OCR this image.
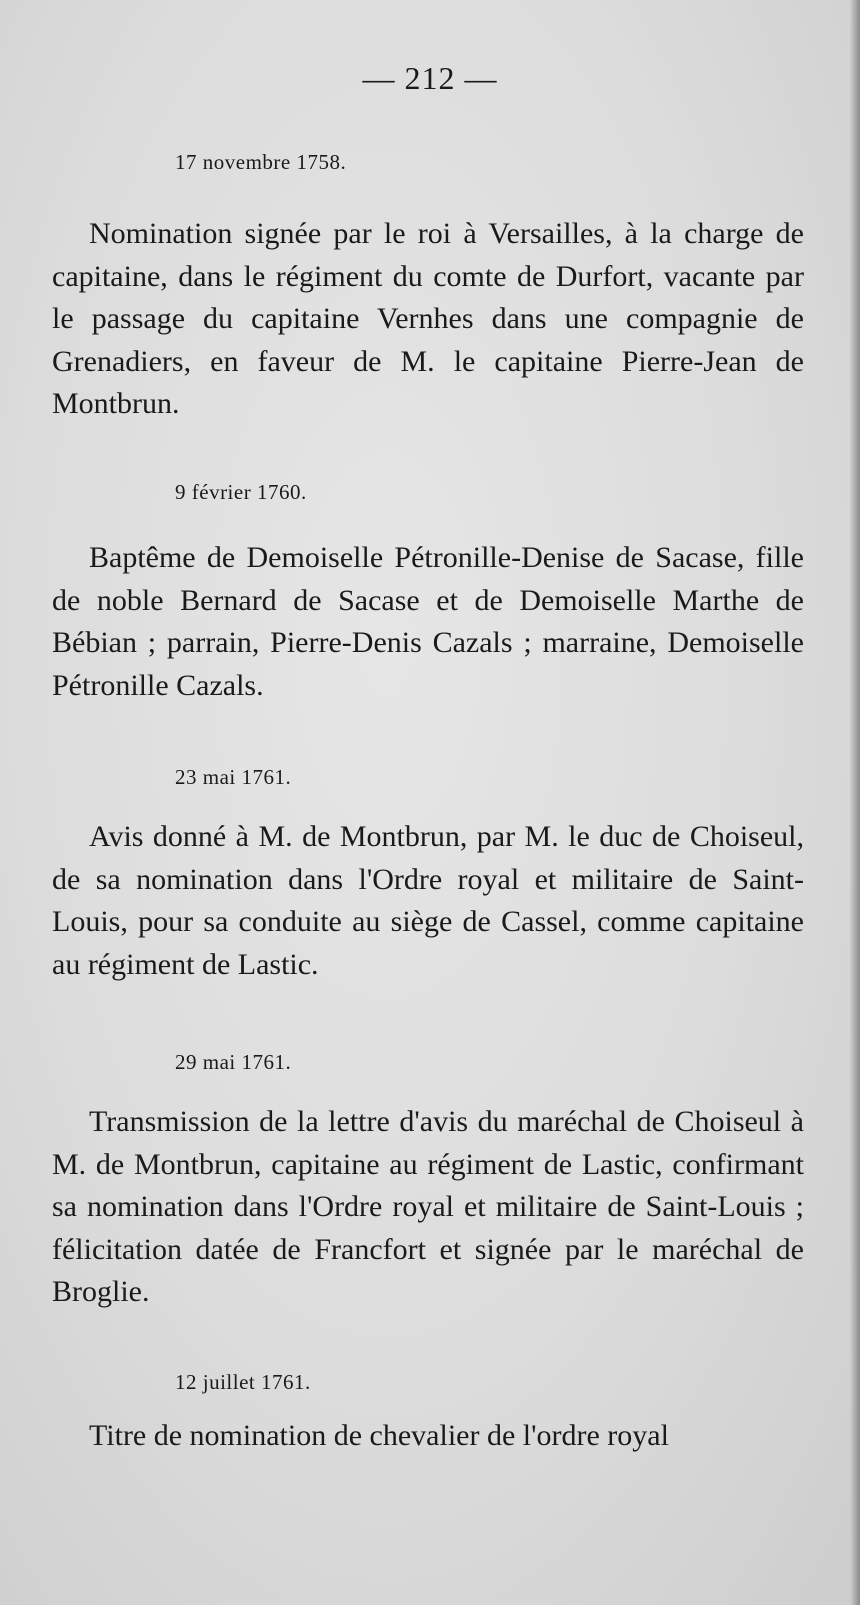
— 212 —
17 novembre 1758.

Nomination signée par le roi à Versailles, à la charge de capitaine, dans le régiment du comte de Durfort, vacante par le passage du capitaine Vernhes dans une compagnie de Grenadiers, en faveur de M. le capitaine Pierre-Jean de Montbrun.

9 février 1760.

Baptême de Demoiselle Pétronille-Denise de Sacase, fille de noble Bernard de Sacase et de Demoiselle Marthe de Bébian ; parrain, Pierre-Denis Cazals ; marraine, Demoiselle Pétronille Cazals.

23 mai 1761.

Avis donné à M. de Montbrun, par M. le duc de Choiseul, de sa nomination dans l'Ordre royal et militaire de Saint-Louis, pour sa conduite au siège de Cassel, comme capitaine au régiment de Lastic.

29 mai 1761.

Transmission de la lettre d'avis du maréchal de Choiseul à M. de Montbrun, capitaine au régiment de Lastic, confirmant sa nomination dans l'Ordre royal et militaire de Saint-Louis ; félicitation datée de Francfort et signée par le maréchal de Broglie.

12 juillet 1761.

Titre de nomination de chevalier de l'ordre royal
